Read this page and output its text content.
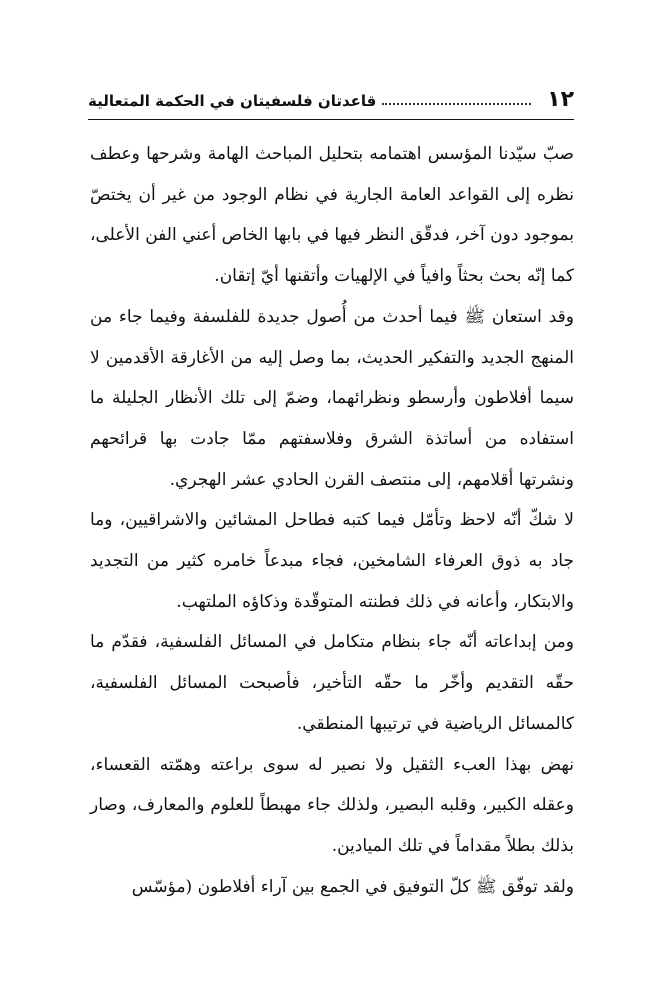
١٢
قاعدتان فلسفيتان في الحكمة المتعالية

صبّ سيّدنا المؤسس اهتمامه بتحليل المباحث الهامة وشرحها وعطف نظره إلى القواعد العامة الجارية في نظام الوجود من غير أن يختصّ بموجود دون آخر، فدقّق النظر فيها في بابها الخاص أعني الفن الأعلى، كما إنّه بحث بحثاً وافياً في الإلهيات وأتقنها أيّ إتقان.

وقد استعان ﷺ فيما أحدث من أُصول جديدة للفلسفة وفيما جاء من المنهج الجديد والتفكير الحديث، بما وصل إليه من الأغارقة الأقدمين لا سيما أفلاطون وأرسطو ونظرائهما، وضمّ إلى تلك الأنظار الجليلة ما استفاده من أساتذة الشرق وفلاسفتهم ممّا جادت بها قرائحهم ونشرتها أقلامهم، إلى منتصف القرن الحادي عشر الهجري.

لا شكّ أنّه لاحظ وتأمّل فيما كتبه فطاحل المشائين والاشراقيين، وما جاد به ذوق العرفاء الشامخين، فجاء مبدعاً خامره كثير من التجديد والابتكار، وأعانه في ذلك فطنته المتوقّدة وذكاؤه الملتهب.

ومن إبداعاته أنّه جاء بنظام متكامل في المسائل الفلسفية، فقدّم ما حقّه التقديم وأخّر ما حقّه التأخير، فأصبحت المسائل الفلسفية، كالمسائل الرياضية في ترتيبها المنطقي.

نهض بهذا العبء الثقيل ولا نصير له سوى براعته وهمّته القعساء، وعقله الكبير، وقلبه البصير، ولذلك جاء مهبطاً للعلوم والمعارف، وصار بذلك بطلاً مقداماً في تلك الميادين.

ولقد توفّق ﷺ كلّ التوفيق في الجمع بين آراء أفلاطون (مؤسّس
